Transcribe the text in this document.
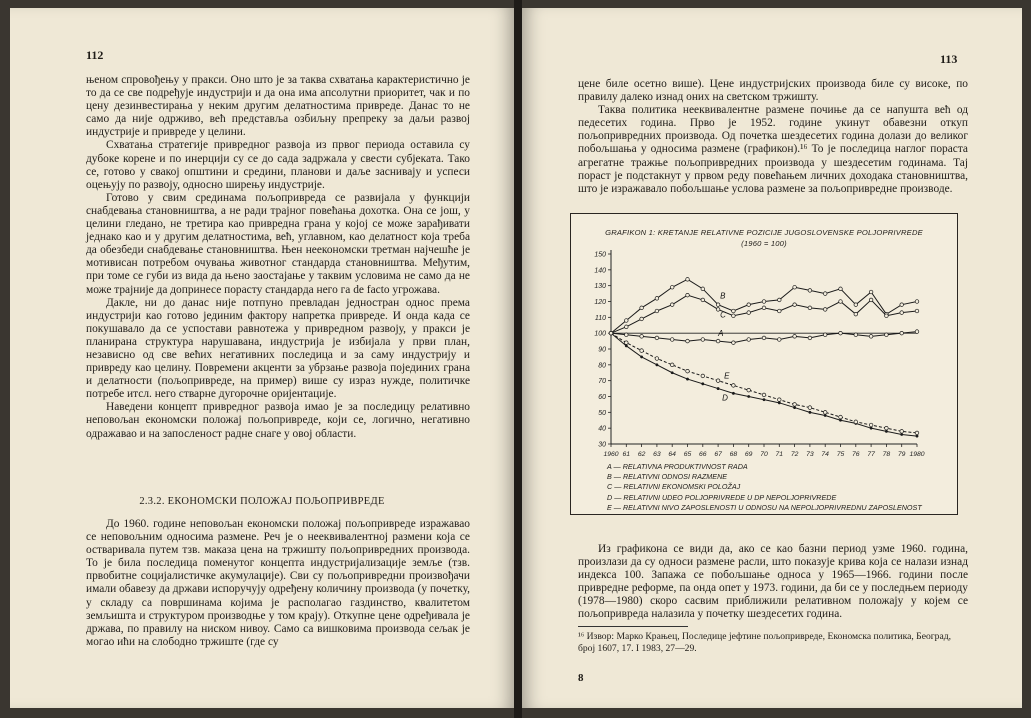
112

њеном спровођењу у пракси. Оно што је за таква схватања карактеристично је то да се све подређује индустрији и да она има апсолутни приоритет, чак и по цену дезинвестирања у неким другим делатностима привреде. Данас то не само да није одрживо, већ представља озбиљну препреку за даљи развој индустрије и привреде у целини.

Схватања стратегије привредног развоја из првог периода оставила су дубоке корене и по инерцији су се до сада задржала у свести субјеката. Тако се, готово у свакој општини и средини, планови и даље заснивају и успеси оцењују по развоју, односно ширењу индустрије.

Готово у свим срединама пољопривреда се развијала у функцији снабдевања становништва, а не ради трајног повећања дохотка. Она се још, у целини гледано, не третира као привредна грана у којој се може зарађивати једнако као и у другим делатностима, већ, углавном, као делатност која треба да обезбеди снабдевање становништва. Њен неекономски третман најчешће је мотивисан потребом очувања животног стандарда становништва. Међутим, при томе се губи из вида да њено заостајање у таквим условима не само да не може трајније да допринесе порасту стандарда него га de facto угрожава.

Дакле, ни до данас није потпуно превладан једностран однос према индустрији као готово јединим фактору напретка привреде. И онда када се покушавало да се успостави равнотежа у привредном развоју, у пракси је планирана структура нарушавана, индустрија је избијала у први план, независно од све већих негативних последица и за саму индустрију и привреду као целину. Повремени акценти за убрзање развоја појединих грана и делатности (пољопривреде, на пример) више су израз нужде, политичке потребе итсл. него стварне дугорочне оријентације.

Наведени концепт привредног развоја имао је за последицу релативно неповољан економски положај пољопривреде, који се, логично, негативно одражавао и на запосленост радне снаге у овој области.

2.3.2. ЕКОНОМСКИ ПОЛОЖАЈ ПОЉОПРИВРЕДЕ

До 1960. године неповољан економски положај пољопривреде изражавао се неповољним односима размене. Реч је о нееквивалентној размени која се остваривала путем тзв. маказа цена на тржишту пољопривредних производа. То је била последица поменутог концепта индустријализације земље (тзв. првобитне социјалистичке акумулације). Сви су пољопривредни произвођачи имали обавезу да држави испоручују одређену количину производа (у почетку, у складу са површинама којима је располагао газдинство, квалитетом земљишта и структуром производње у том крају). Откупне цене одређивала је држава, по правилу на ниском нивоу. Само са вишковима производа сељак је могао ићи на слободно тржиште (где су

113

цене биле осетно више). Цене индустријских производа биле су високе, по правилу далеко изнад оних на светском тржишту.

Таква политика нееквивалентне размене почиње да се напушта већ од педесетих година. Прво је 1952. године укинут обавезни откуп пољопривредних производа. Од почетка шездесетих година долази до великог побољшања у односима размене (графикон).¹⁶ То је последица наглог пораста агрегатне тражње пољопривредних производа у шездесетим годинама. Тај пораст је подстакнут у првом реду повећањем личних доходака становништва, што је изражавало побољшање услова размене за пољопривредне производе.

GRAFIKON 1: KRETANJE RELATIVNE POZICIJE JUGOSLOVENSKE POLJOPRIVREDE
(1960 = 100)
30
40
50
60
70
80
90
100
110
120
130
140
150
1960 61 62 63 64 65 66 67 68 69 70 71 72 73 74 75 76 77 78 79 1980
A
B
C
D
E
A — RELATIVNA PRODUKTIVNOST RADA
B — RELATIVNI ODNOSI RAZMENE
C — RELATIVNI EKONOMSKI POLOŽAJ
D — RELATIVNI UDEO POLJOPRIVREDE U DP NEPOLJOPRIVREDE
E — RELATIVNI NIVO ZAPOSLENOSTI U ODNOSU NA NEPOLJOPRIVREDNU ZAPOSLENOST

Из графикона се види да, ако се као базни период узме 1960. година, произлази да су односи размене расли, што показује крива која се налази изнад индекса 100. Запажа се побољшање односа у 1965—1966. години после привредне реформе, па онда опет у 1973. години, да би се у последњем периоду (1978—1980) скоро сасвим приближили релативном положају у којем се пољопривреда налазила у почетку шездесетих година.

¹⁶ Извор: Марко Крањец, Последице јефтине пољопривреде, Економска политика, Београд, број 1607, 17. I 1983, 27—29.
8
